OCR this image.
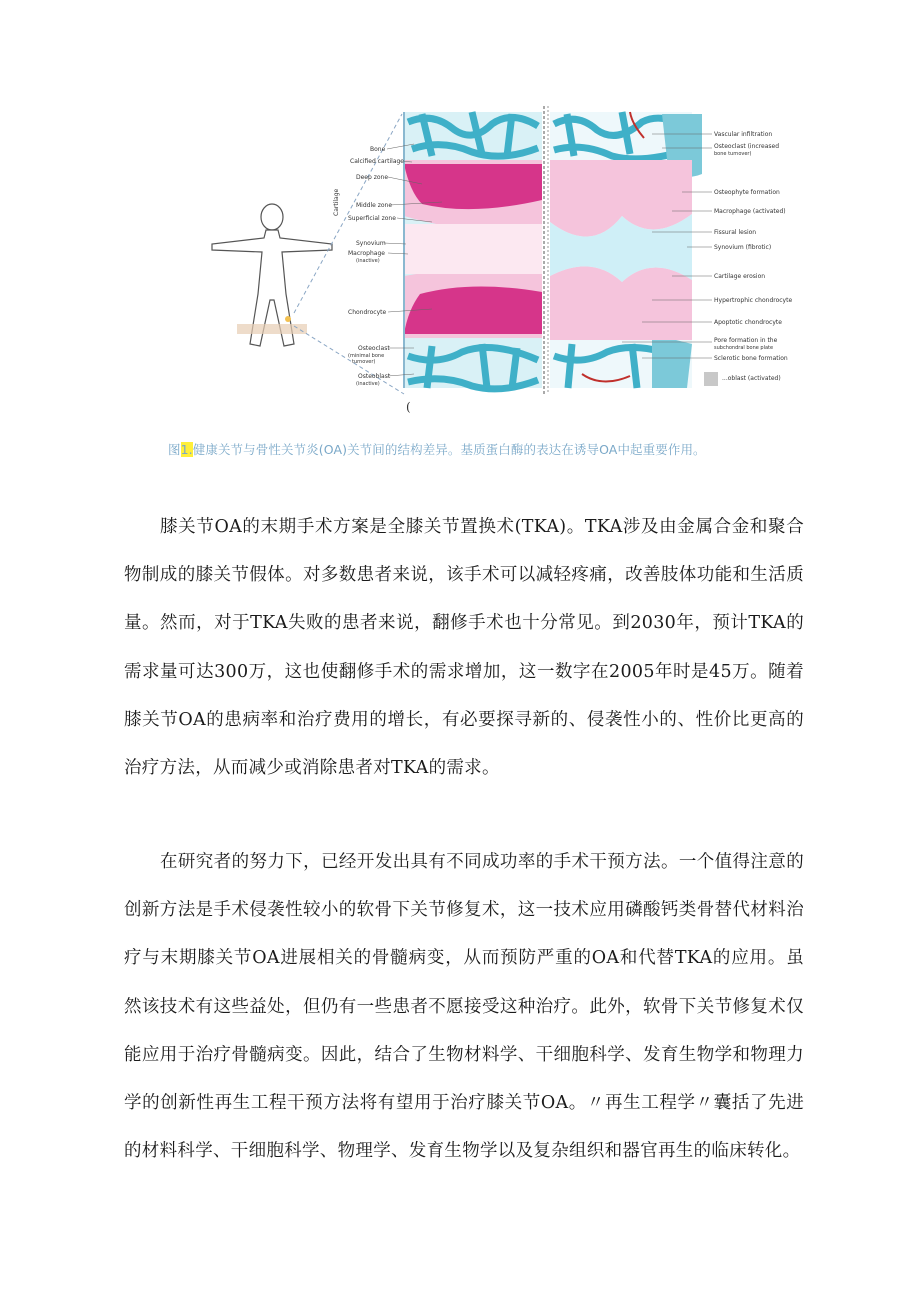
Bone
Calcified cartilage
Deep zone
Middle zone
Superficial zone
Synovium
Macrophage
(inactive)
Chondrocyte
Osteoclast
(minimal bone
turnover)
Osteoblast
(inactive)
Cartilage
Vascular infiltration
Osteoclast (increased
bone turnover)
Osteophyte formation
Macrophage (activated)
Fissural lesion
Synovium (fibrotic)
Cartilage erosion
Hypertrophic chondrocyte
Apoptotic chondrocyte
Pore formation in the
subchondral bone plate
Sclerotic bone formation
...oblast (activated)
(
图1.健康关节与骨性关节炎(OA)关节间的结构差异。基质蛋白酶的表达在诱导OA中起重要作用。
膝关节OA的末期手术方案是全膝关节置换术(TKA)。TKA涉及由金属合金和聚合物制成的膝关节假体。对多数患者来说，该手术可以减轻疼痛，改善肢体功能和生活质量。然而，对于TKA失败的患者来说，翻修手术也十分常见。到2030年，预计TKA的需求量可达300万，这也使翻修手术的需求增加，这一数字在2005年时是45万。随着膝关节OA的患病率和治疗费用的增长，有必要探寻新的、侵袭性小的、性价比更高的治疗方法，从而减少或消除患者对TKA的需求。
在研究者的努力下，已经开发出具有不同成功率的手术干预方法。一个值得注意的创新方法是手术侵袭性较小的软骨下关节修复术，这一技术应用磷酸钙类骨替代材料治疗与末期膝关节OA进展相关的骨髓病变，从而预防严重的OA和代替TKA的应用。虽然该技术有这些益处，但仍有一些患者不愿接受这种治疗。此外，软骨下关节修复术仅能应用于治疗骨髓病变。因此，结合了生物材料学、干细胞科学、发育生物学和物理力学的创新性再生工程干预方法将有望用于治疗膝关节OA。〃再生工程学〃囊括了先进的材料科学、干细胞科学、物理学、发育生物学以及复杂组织和器官再生的临床转化。
